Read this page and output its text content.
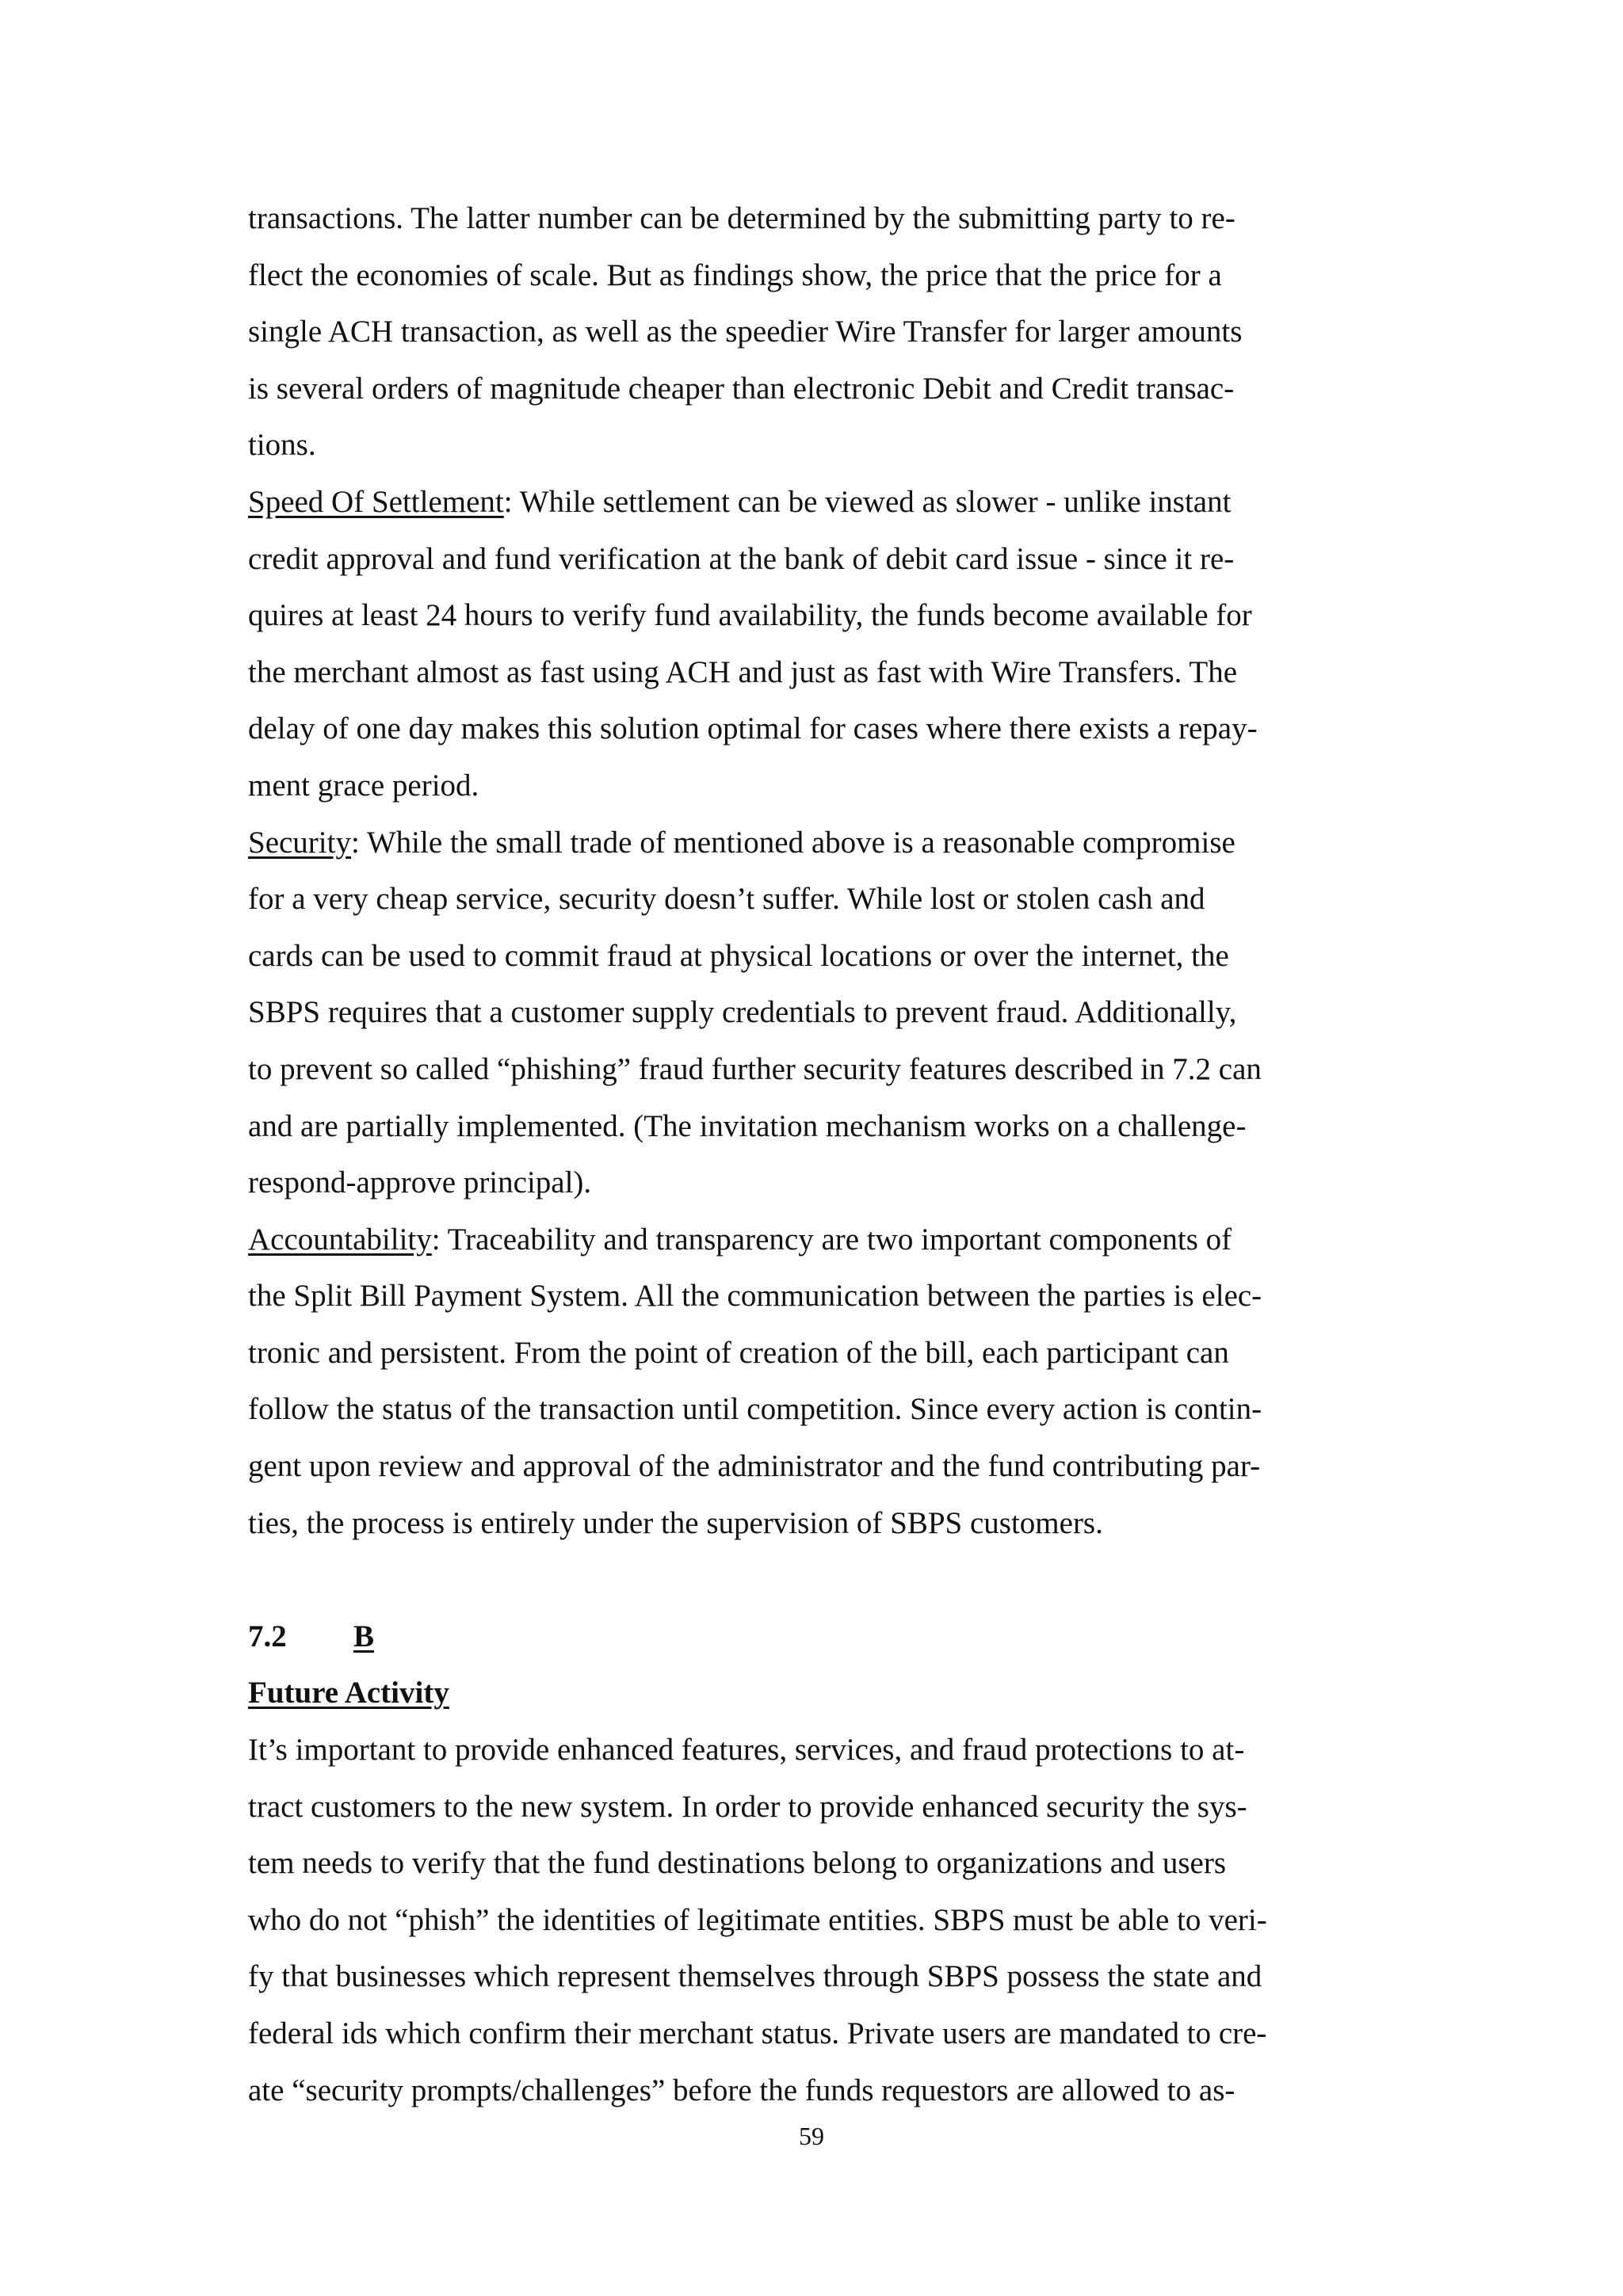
transactions. The latter number can be determined by the submitting party to re-
flect the economies of scale. But as findings show, the price that the price for a
single ACH transaction, as well as the speedier Wire Transfer for larger amounts
is several orders of magnitude cheaper than electronic Debit and Credit transac-
tions.
Speed Of Settlement: While settlement can be viewed as slower - unlike instant
credit approval and fund verification at the bank of debit card issue - since it re-
quires at least 24 hours to verify fund availability, the funds become available for
the merchant almost as fast using ACH and just as fast with Wire Transfers. The
delay of one day makes this solution optimal for cases where there exists a repay-
ment grace period.
Security: While the small trade of mentioned above is a reasonable compromise
for a very cheap service, security doesn’t suffer. While lost or stolen cash and
cards can be used to commit fraud at physical locations or over the internet, the
SBPS requires that a customer supply credentials to prevent fraud. Additionally,
to prevent so called “phishing” fraud further security features described in 7.2 can
and are partially implemented. (The invitation mechanism works on a challenge-
respond-approve principal).
Accountability: Traceability and transparency are two important components of
the Split Bill Payment System. All the communication between the parties is elec-
tronic and persistent. From the point of creation of the bill, each participant can
follow the status of the transaction until competition. Since every action is contin-
gent upon review and approval of the administrator and the fund contributing par-
ties, the process is entirely under the supervision of SBPS customers.
7.2 B
Future Activity
It’s important to provide enhanced features, services, and fraud protections to at-
tract customers to the new system. In order to provide enhanced security the sys-
tem needs to verify that the fund destinations belong to organizations and users
who do not “phish” the identities of legitimate entities. SBPS must be able to veri-
fy that businesses which represent themselves through SBPS possess the state and
federal ids which confirm their merchant status. Private users are mandated to cre-
ate “security prompts/challenges” before the funds requestors are allowed to as-
59
